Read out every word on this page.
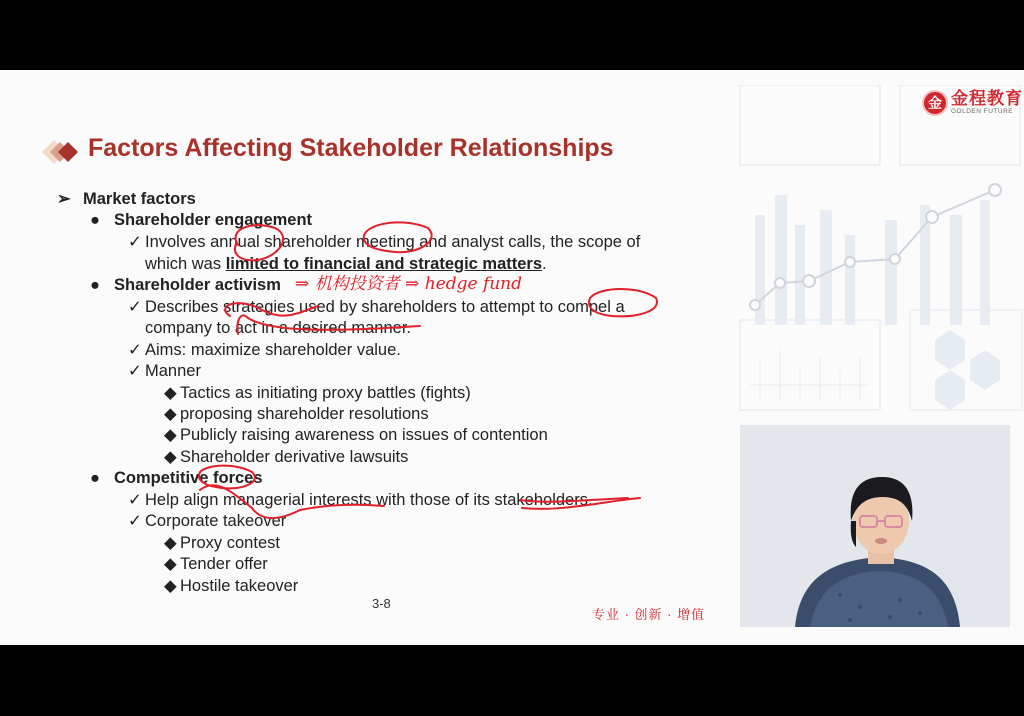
金 金程教育
GOLDEN FUTURE
Factors Affecting Stakeholder Relationships
➢ Market factors
● Shareholder engagement
✓ Involves annual shareholder meeting and analyst calls, the scope of
which was limited to financial and strategic matters.
● Shareholder activism
✓ Describes strategies used by shareholders to attempt to compel a
company to act in a desired manner.
✓ Aims: maximize shareholder value.
✓ Manner
◆ Tactics as initiating proxy battles (fights)
◆ proposing shareholder resolutions
◆ Publicly raising awareness on issues of contention
◆ Shareholder derivative lawsuits
● Competitive forces
✓ Help align managerial interests with those of its stakeholders.
✓ Corporate takeover
◆ Proxy contest
◆ Tender offer
◆ Hostile takeover
⇒ 机构投资者 ⇒ hedge fund
3-8
专业 · 创新 · 增值
